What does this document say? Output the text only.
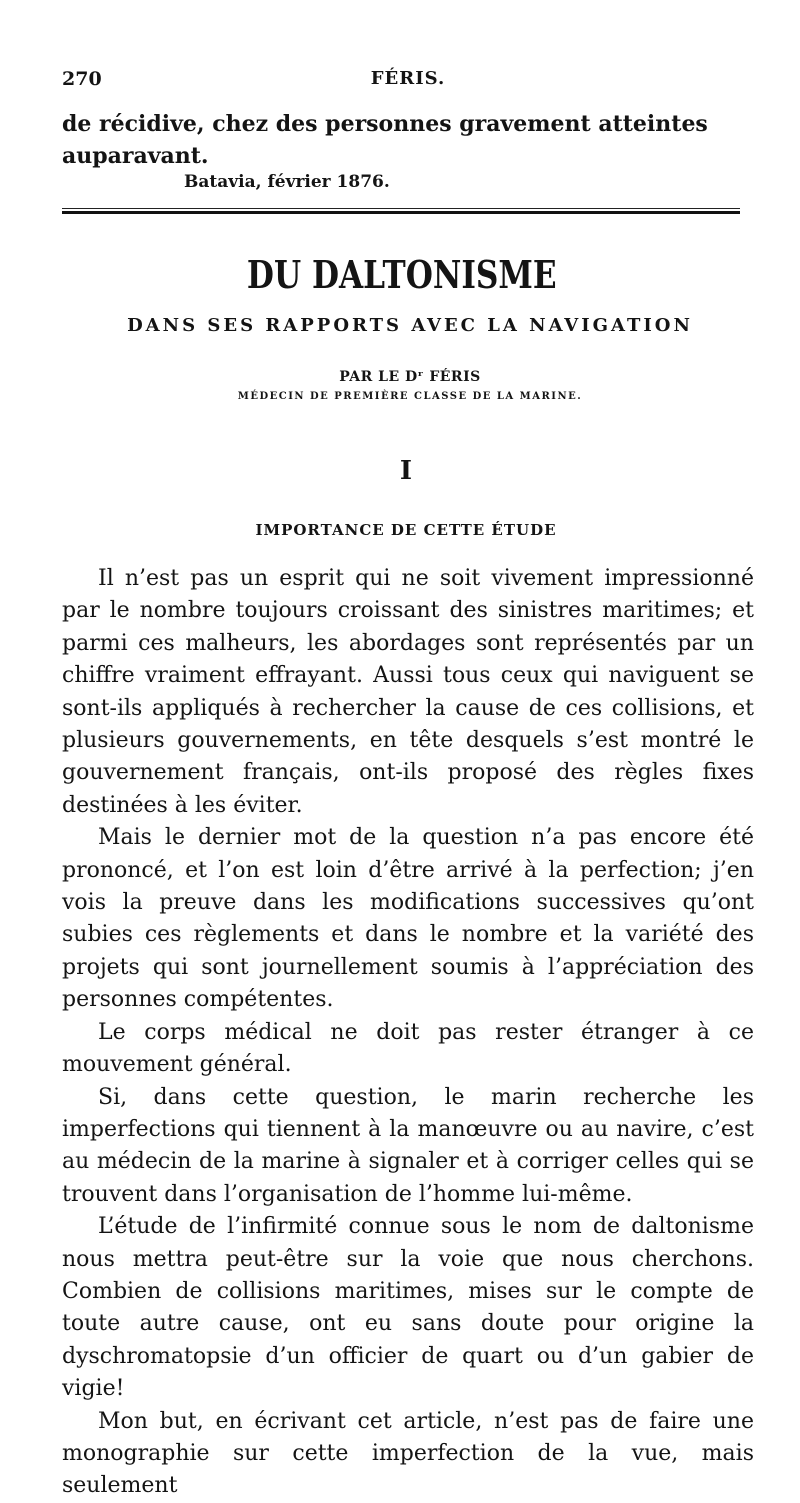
270	FÉRIS.
de récidive, chez des personnes gravement atteintes auparavant.
Batavia, février 1876.
DU DALTONISME
DANS SES RAPPORTS AVEC LA NAVIGATION
PAR LE Dʳ FÉRIS
MÉDECIN DE PREMIÈRE CLASSE DE LA MARINE.
I
IMPORTANCE DE CETTE ÉTUDE

Il n’est pas un esprit qui ne soit vivement impressionné par le nombre toujours croissant des sinistres maritimes; et parmi ces malheurs, les abordages sont représentés par un chiffre vraiment effrayant. Aussi tous ceux qui naviguent se sont-ils appliqués à rechercher la cause de ces collisions, et plusieurs gouvernements, en tête desquels s’est montré le gouvernement français, ont-ils proposé des règles fixes destinées à les éviter.

Mais le dernier mot de la question n’a pas encore été prononcé, et l’on est loin d’être arrivé à la perfection; j’en vois la preuve dans les modifications successives qu’ont subies ces règlements et dans le nombre et la variété des projets qui sont journellement soumis à l’appréciation des personnes compétentes.

Le corps médical ne doit pas rester étranger à ce mouvement général.

Si, dans cette question, le marin recherche les imperfections qui tiennent à la manœuvre ou au navire, c’est au médecin de la marine à signaler et à corriger celles qui se trouvent dans l’organisation de l’homme lui-même.

L’étude de l’infirmité connue sous le nom de daltonisme nous mettra peut-être sur la voie que nous cherchons. Combien de collisions maritimes, mises sur le compte de toute autre cause, ont eu sans doute pour origine la dyschromatopsie d’un officier de quart ou d’un gabier de vigie!

Mon but, en écrivant cet article, n’est pas de faire une monographie sur cette imperfection de la vue, mais seulement
